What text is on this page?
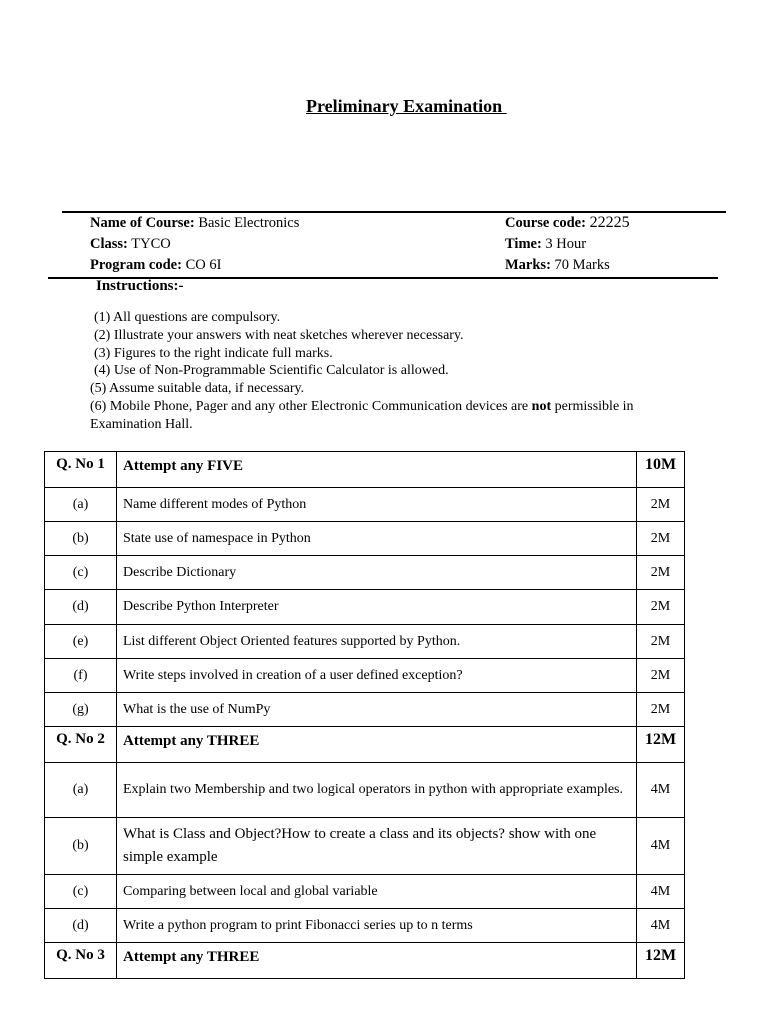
Preliminary Examination
Name of Course: Basic Electronics	Course code: 22225
Class: TYCO	Time: 3 Hour
Program code: CO 6I	Marks: 70 Marks
Instructions:-
(1) All questions are compulsory.
(2) Illustrate your answers with neat sketches wherever necessary.
(3) Figures to the right indicate full marks.
(4) Use of Non-Programmable Scientific Calculator is allowed.
(5) Assume suitable data, if necessary.
(6) Mobile Phone, Pager and any other Electronic Communication devices are not permissible in
Examination Hall.
Q. No 1	Attempt any FIVE	10M
(a)	Name different modes of Python	2M
(b)	State use of namespace in Python	2M
(c)	Describe Dictionary	2M
(d)	Describe Python Interpreter	2M
(e)	List different Object Oriented features supported by Python.	2M
(f)	Write steps involved in creation of a user defined exception?	2M
(g)	What is the use of NumPy	2M
Q. No 2	Attempt any THREE	12M
(a)	Explain two Membership and two logical operators in python with appropriate examples.	4M
(b)	What is Class and Object?How to create a class and its objects? show with one simple example	4M
(c)	Comparing between local and global variable	4M
(d)	Write a python program to print Fibonacci series up to n terms	4M
Q. No 3	Attempt any THREE	12M
